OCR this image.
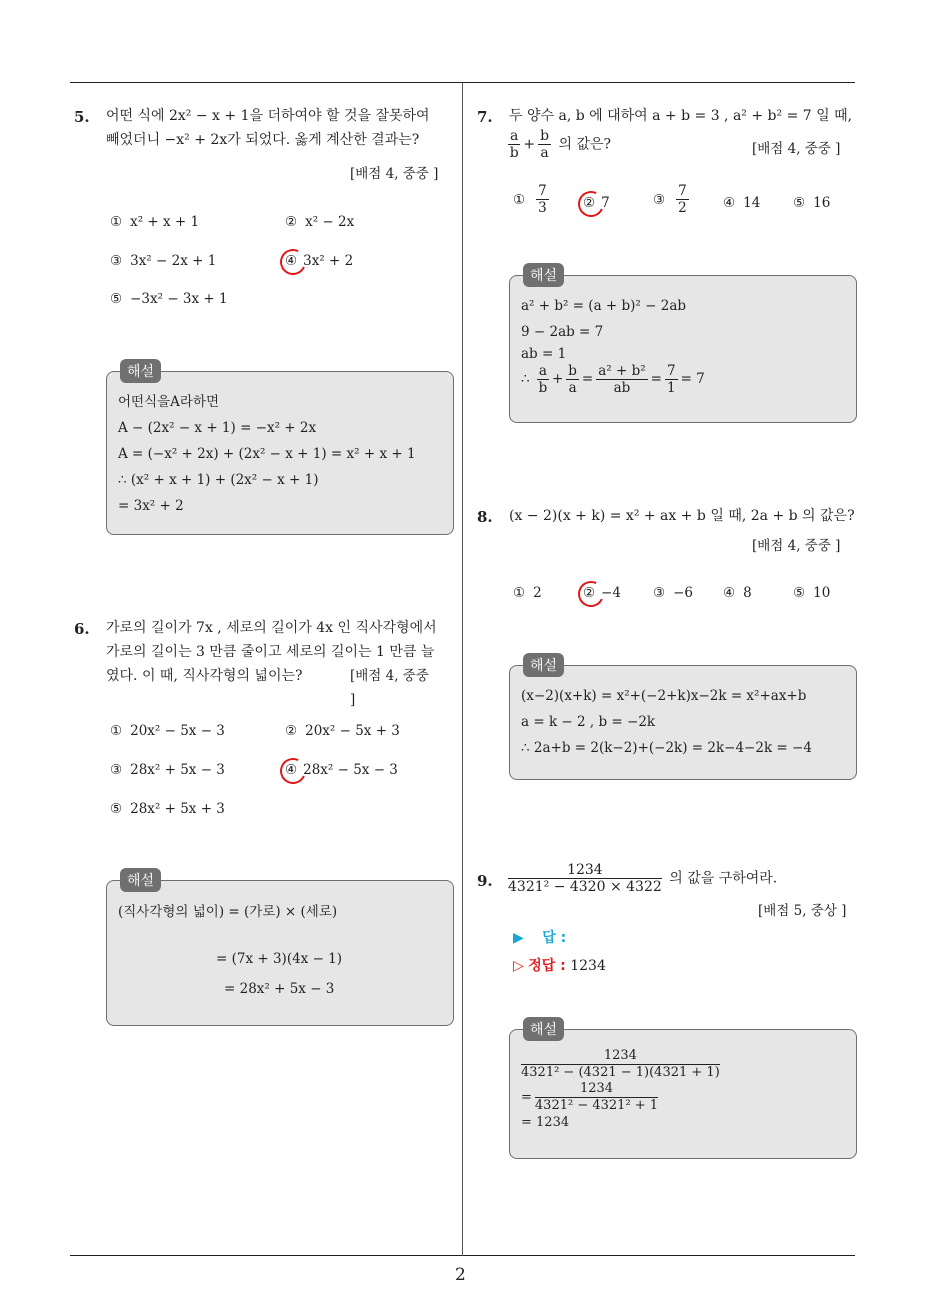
5. 어떤 식에 2x² − x + 1을 더하여야 할 것을 잘못하여
빼었더니 −x² + 2x가 되었다. 옳게 계산한 결과는?
[배점 4, 중중 ]
① x² + x + 1	② x² − 2x
③ 3x² − 2x + 1	④ 3x² + 2
⑤ −3x² − 3x + 1
해설
어떤식을A라하면
A − (2x² − x + 1) = −x² + 2x
A = (−x² + 2x) + (2x² − x + 1) = x² + x + 1
∴ (x² + x + 1) + (2x² − x + 1)
= 3x² + 2
6. 가로의 길이가 7x , 세로의 길이가 4x 인 직사각형에서
가로의 길이는 3 만큼 줄이고 세로의 길이는 1 만큼 늘
였다. 이 때, 직사각형의 넓이는?	[배점 4, 중중 ]
① 20x² − 5x − 3	② 20x² − 5x + 3
③ 28x² + 5x − 3	④ 28x² − 5x − 3
⑤ 28x² + 5x + 3
해설
(직사각형의 넓이) = (가로) × (세로)
= (7x + 3)(4x − 1)
= 28x² + 5x − 3
7. 두 양수 a, b 에 대하여 a + b = 3 , a² + b² = 7 일 때,
$\frac{a}{b} + \frac{b}{a}$ 의 값은?	[배점 4, 중중 ]
① $\frac{7}{3}$	② 7	③ $\frac{7}{2}$	④ 14 ⑤ 16
해설
a² + b² = (a + b)² − 2ab
9 − 2ab = 7
ab = 1
∴ $\frac{a}{b} + \frac{b}{a} = \frac{\text{a² + b²}}{ab} = \frac{7}{1} = 7$
8. (x − 2)(x + k) = x² + ax + b 일 때, 2a + b 의 값은?
[배점 4, 중중 ]
① 2	② −4 ③ −6 ④ 8	⑤ 10
해설
(x−2)(x+k) = x²+(−2+k)x−2k = x²+ax+b
a = k − 2 , b = −2k
∴ 2a+b = 2(k−2)+(−2k) = 2k−4−2k = −4
9. $\frac{1234}{\text{4321² − 4320 × 4322}}$ 의 값을 구하여라.
[배점 5, 중상 ]
▶ 답 :
▷ 정답 : 1234
해설
$\frac{1234}{\text{4321² − (4321 − 1)(4321 + 1)}}$
= $\frac{1234}{\text{4321² − 4321² + 1}}$
= 1234
2
